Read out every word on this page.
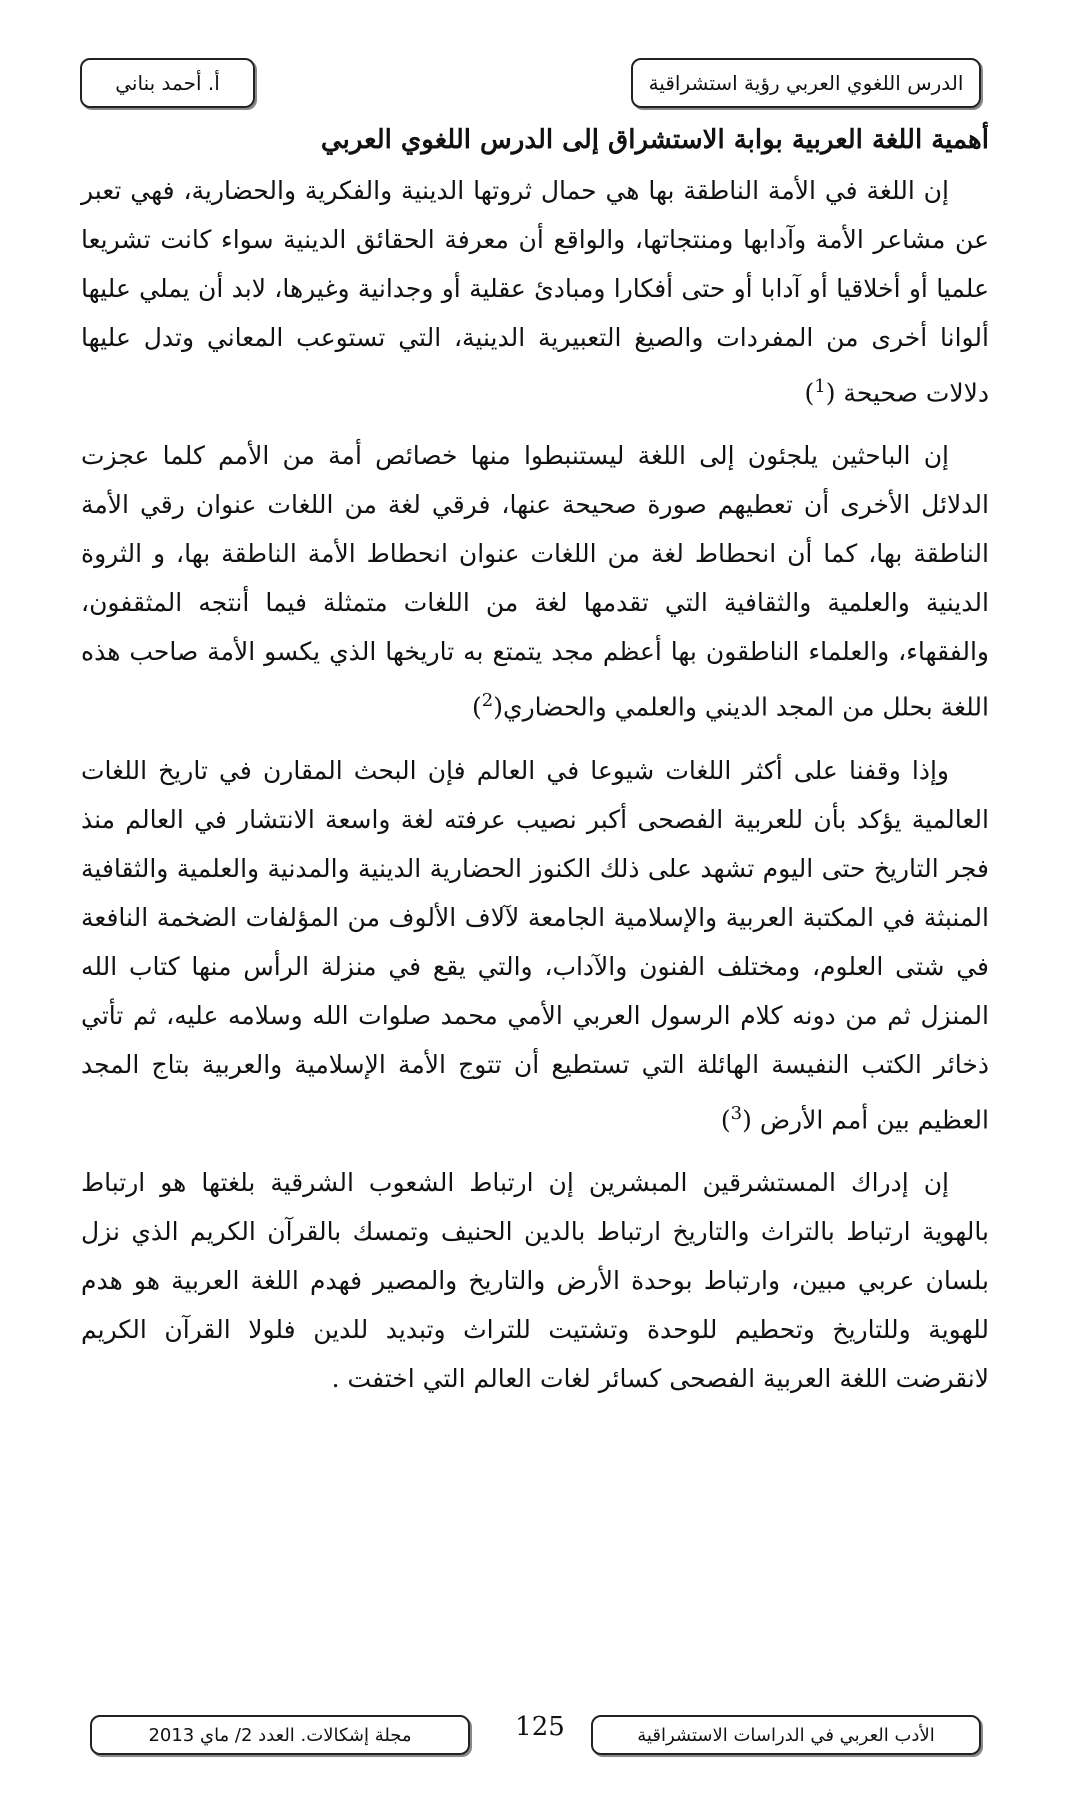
الدرس اللغوي العربي رؤية استشراقية
أ. أحمد بناني
أهمية اللغة العربية بوابة الاستشراق إلى الدرس اللغوي العربي

إن اللغة في الأمة الناطقة بها هي حمال ثروتها الدينية والفكرية والحضارية، فهي تعبر عن مشاعر الأمة وآدابها ومنتجاتها، والواقع أن معرفة الحقائق الدينية سواء كانت تشريعا علميا أو أخلاقيا أو آدابا أو حتى أفكارا ومبادئ عقلية أو وجدانية وغيرها، لابد أن يملي عليها ألوانا أخرى من المفردات والصيغ التعبيرية الدينية، التي تستوعب المعاني وتدل عليها دلالات صحيحة ($^1$)

إن الباحثين يلجئون إلى اللغة ليستنبطوا منها خصائص أمة من الأمم كلما عجزت الدلائل الأخرى أن تعطيهم صورة صحيحة عنها، فرقي لغة من اللغات عنوان رقي الأمة الناطقة بها، كما أن انحطاط لغة من اللغات عنوان انحطاط الأمة الناطقة بها، و الثروة الدينية والعلمية والثقافية التي تقدمها لغة من اللغات متمثلة فيما أنتجه المثقفون، والفقهاء، والعلماء الناطقون بها أعظم مجد يتمتع به تاريخها الذي يكسو الأمة صاحب هذه اللغة بحلل من المجد الديني والعلمي والحضاري($^2$)

وإذا وقفنا على أكثر اللغات شيوعا في العالم فإن البحث المقارن في تاريخ اللغات العالمية يؤكد بأن للعربية الفصحى أكبر نصيب عرفته لغة واسعة الانتشار في العالم منذ فجر التاريخ حتى اليوم تشهد على ذلك الكنوز الحضارية الدينية والمدنية والعلمية والثقافية المنبثة في المكتبة العربية والإسلامية الجامعة لآلاف الألوف من المؤلفات الضخمة النافعة في شتى العلوم، ومختلف الفنون والآداب، والتي يقع في منزلة الرأس منها كتاب الله المنزل ثم من دونه كلام الرسول العربي الأمي محمد صلوات الله وسلامه عليه، ثم تأتي ذخائر الكتب النفيسة الهائلة التي تستطيع أن تتوج الأمة الإسلامية والعربية بتاج المجد العظيم بين أمم الأرض ($^3$)

إن إدراك المستشرقين المبشرين إن ارتباط الشعوب الشرقية بلغتها هو ارتباط بالهوية ارتباط بالتراث والتاريخ ارتباط بالدين الحنيف وتمسك بالقرآن الكريم الذي نزل بلسان عربي مبين، وارتباط بوحدة الأرض والتاريخ والمصير فهدم اللغة العربية هو هدم للهوية وللتاريخ وتحطيم للوحدة وتشتيت للتراث وتبديد للدين فلولا القرآن الكريم لانقرضت اللغة العربية الفصحى كسائر لغات العالم التي اختفت .

الأدب العربي في الدراسات الاستشراقية
125
مجلة إشكالات. العدد 2/ ماي 2013
